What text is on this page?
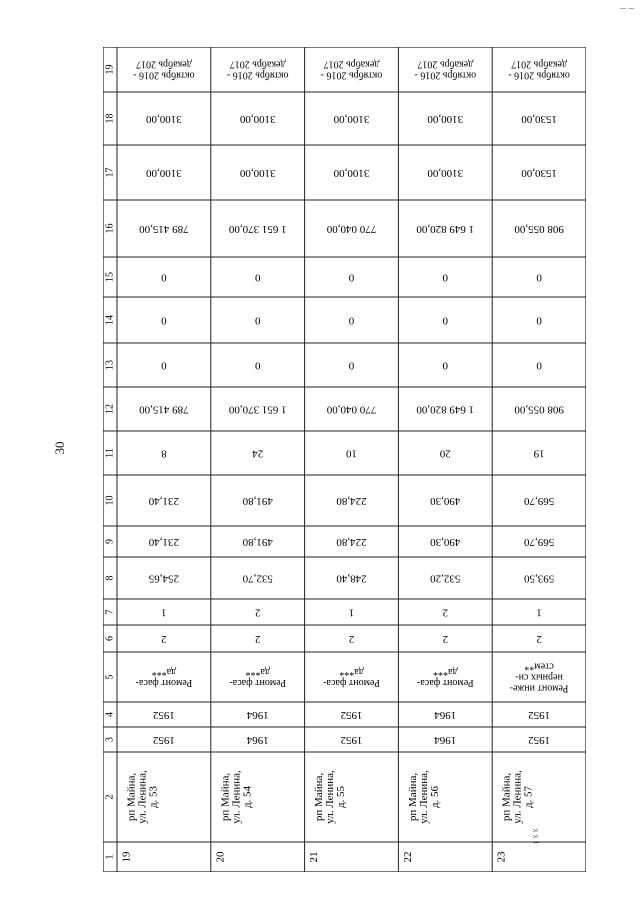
30
– –
1
2
3
4
5
6
7
8
9
10
11
12
13
14
15
16
17
18
19
19
рп Майна, ул. Ленина, д. 53
1952
1952
2
1
254,65
231,40
231,40
8
789 415,00
0
0
0
789 415,00
3100,00
3100,00
Ремонт фаса-
да***
октябрь 2016 -
декабрь 2017
20
рп Майна, ул. Ленина, д. 54
1964
1964
2
2
532,70
491,80
491,80
24
1 651 370,00
0
0
0
1 651 370,00
3100,00
3100,00
Ремонт фаса-
да***
октябрь 2016 -
декабрь 2017
21
рп Майна, ул. Ленина, д. 55
1952
1952
2
1
248,40
224,80
224,80
10
770 040,00
0
0
0
770 040,00
3100,00
3100,00
Ремонт фаса-
да***
октябрь 2016 -
декабрь 2017
22
рп Майна, ул. Ленина, д. 56
1964
1964
2
2
532,20
490,30
490,30
20
1 649 820,00
0
0
0
1 649 820,00
3100,00
3100,00
Ремонт фаса-
да***
октябрь 2016 -
декабрь 2017
23
рп Майна, ул. Ленина, д. 57
1952
1952
2
1
593,50
569,70
569,70
19
908 055,00
0
0
0
908 055,00
1530,00
1530,00
Ремонт инже-
нерных си-
стем**
октябрь 2016 -
декабрь 2017
x x 1
